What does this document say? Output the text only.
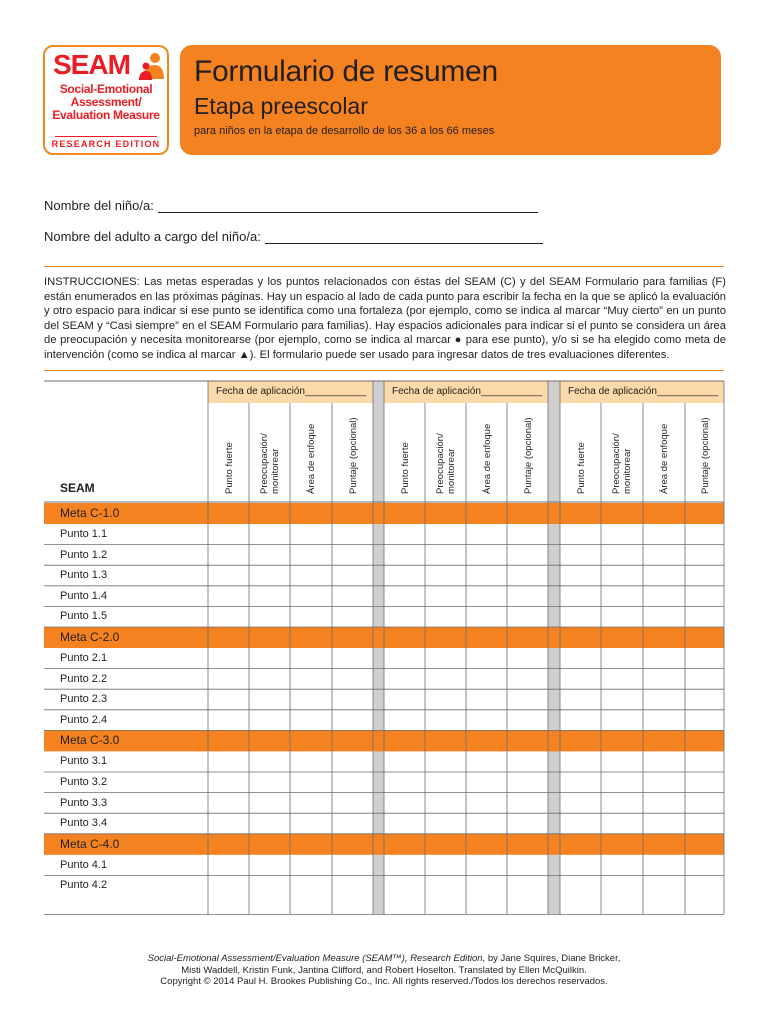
SEAM
Social-Emotional
Assessment/
Evaluation Measure
RESEARCH EDITION
Formulario de resumen
Etapa preescolar
para niños en la etapa de desarrollo de los 36 a los 66 meses
Nombre del niño/a:
Nombre del adulto a cargo del niño/a:
INSTRUCCIONES: Las metas esperadas y los puntos relacionados con éstas del SEAM (C) y del SEAM Formulario para familias (F) están enumerados en las próximas páginas. Hay un espacio al lado de cada punto para escribir la fecha en la que se aplicó la evaluación y otro espacio para indicar si ese punto se identifica como una fortaleza (por ejemplo, como se indica al marcar “Muy cierto” en un punto del SEAM y “Casi siempre” en el SEAM Formulario para familias). Hay espacios adicionales para indicar si el punto se considera un área de preocupación y necesita monitorearse (por ejemplo, como se indica al marcar ● para ese punto), y/o si se ha elegido como meta de intervención (como se indica al marcar ▲). El formulario puede ser usado para ingresar datos de tres evaluaciones diferentes.
Fecha de aplicación___________	Fecha de aplicación___________	Fecha de aplicación___________
Punto fuerte	Preocupación/ monitorear	Área de enfoque	Puntaje (opcional)	Punto fuerte	Preocupación/ monitorear	Área de enfoque	Puntaje (opcional)	Punto fuerte	Preocupación/ monitorear	Área de enfoque	Puntaje (opcional)
Meta C-1.0
Punto 1.1
Punto 1.2
Punto 1.3
Punto 1.4
Punto 1.5
Meta C-2.0
Punto 2.1
Punto 2.2
Punto 2.3
Punto 2.4
Meta C-3.0
Punto 3.1
Punto 3.2
Punto 3.3
Punto 3.4
Meta C-4.0
Punto 4.1
Punto 4.2
SEAM
Social-Emotional Assessment/Evaluation Measure (SEAM™), Research Edition, by Jane Squires, Diane Bricker,
Misti Waddell, Kristin Funk, Jantina Clifford, and Robert Hoselton. Translated by Ellen McQuilkin.
Copyright © 2014 Paul H. Brookes Publishing Co., Inc. All rights reserved./Todos los derechos reservados.
